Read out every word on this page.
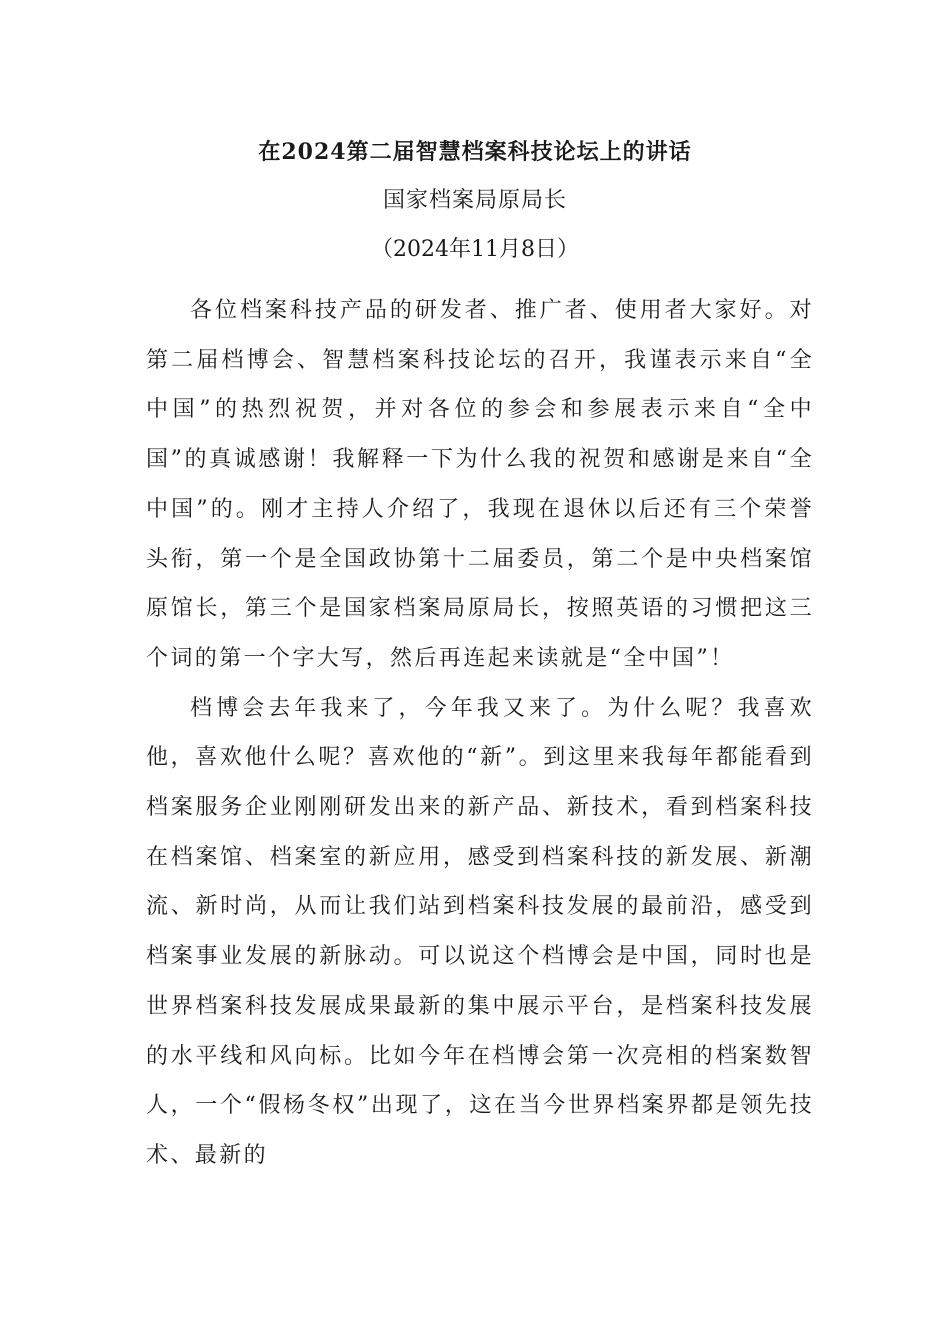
在2024第二届智慧档案科技论坛上的讲话
国家档案局原局长
（2024年11月8日）

各位档案科技产品的研发者、推广者、使用者大家好。对第二届档博会、智慧档案科技论坛的召开，我谨表示来自“全中国”的热烈祝贺，并对各位的参会和参展表示来自“全中国”的真诚感谢！我解释一下为什么我的祝贺和感谢是来自“全中国”的。刚才主持人介绍了，我现在退休以后还有三个荣誉头衔，第一个是全国政协第十二届委员，第二个是中央档案馆原馆长，第三个是国家档案局原局长，按照英语的习惯把这三个词的第一个字大写，然后再连起来读就是“全中国”！

档博会去年我来了，今年我又来了。为什么呢？我喜欢他，喜欢他什么呢？喜欢他的“新”。到这里来我每年都能看到档案服务企业刚刚研发出来的新产品、新技术，看到档案科技在档案馆、档案室的新应用，感受到档案科技的新发展、新潮流、新时尚，从而让我们站到档案科技发展的最前沿，感受到档案事业发展的新脉动。可以说这个档博会是中国，同时也是世界档案科技发展成果最新的集中展示平台，是档案科技发展的水平线和风向标。比如今年在档博会第一次亮相的档案数智人，一个“假杨冬权”出现了，这在当今世界档案界都是领先技术、最新的
